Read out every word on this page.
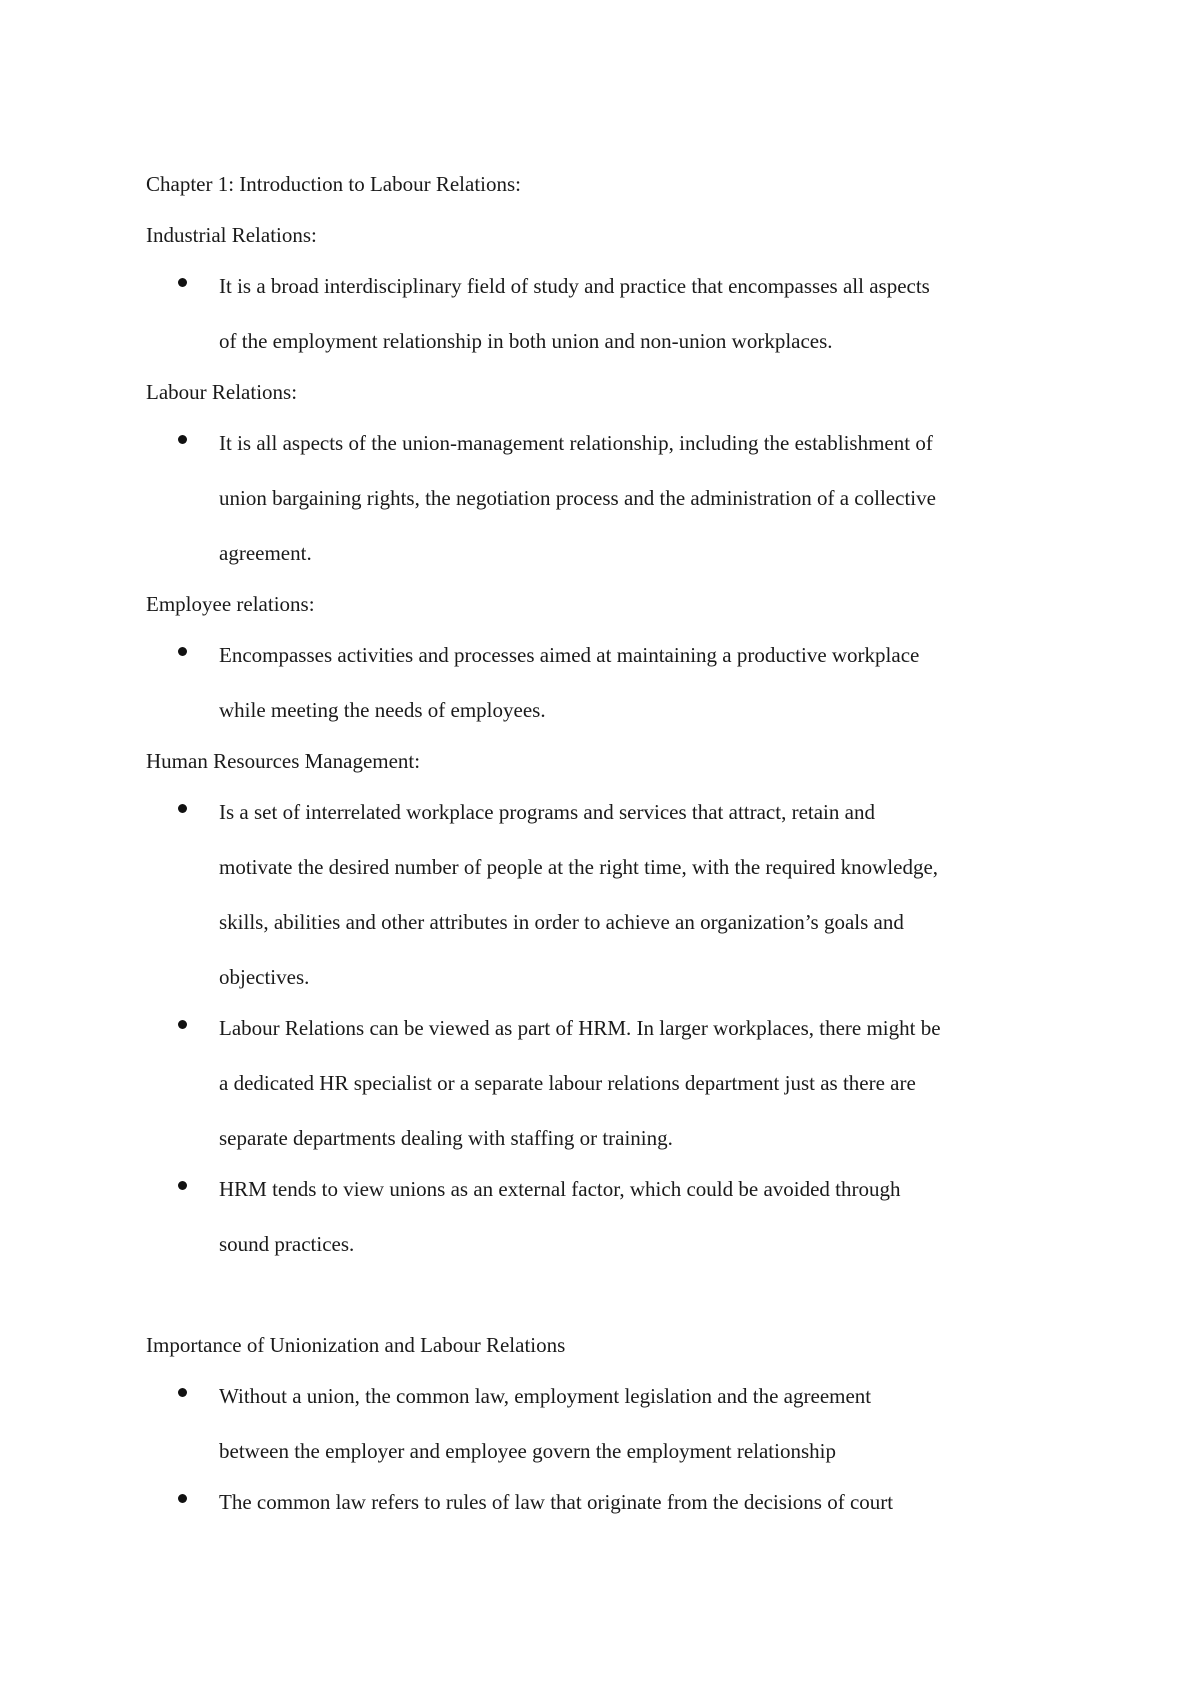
Chapter 1: Introduction to Labour Relations:
Industrial Relations:
It is a broad interdisciplinary field of study and practice that encompasses all aspects
of the employment relationship in both union and non-union workplaces.
Labour Relations:
It is all aspects of the union-management relationship, including the establishment of
union bargaining rights, the negotiation process and the administration of a collective
agreement.
Employee relations:
Encompasses activities and processes aimed at maintaining a productive workplace
while meeting the needs of employees.
Human Resources Management:
Is a set of interrelated workplace programs and services that attract, retain and
motivate the desired number of people at the right time, with the required knowledge,
skills, abilities and other attributes in order to achieve an organization’s goals and
objectives.
Labour Relations can be viewed as part of HRM. In larger workplaces, there might be
a dedicated HR specialist or a separate labour relations department just as there are
separate departments dealing with staffing or training.
HRM tends to view unions as an external factor, which could be avoided through
sound practices.
Importance of Unionization and Labour Relations
Without a union, the common law, employment legislation and the agreement
between the employer and employee govern the employment relationship
The common law refers to rules of law that originate from the decisions of court
